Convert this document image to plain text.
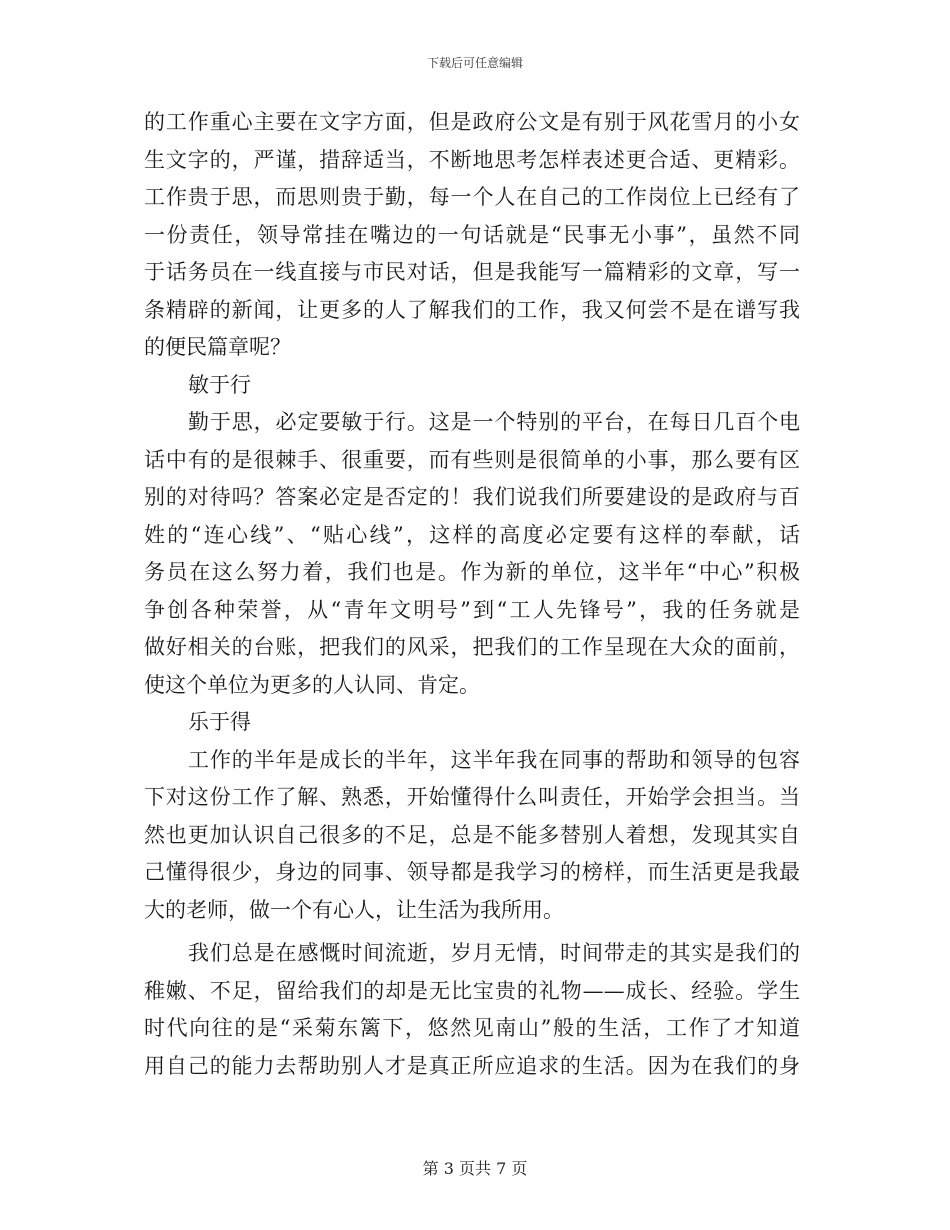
下载后可任意编辑
的工作重心主要在文字方面，但是政府公文是有别于风花雪月的小女
生文字的，严谨，措辞适当，不断地思考怎样表述更合适、更精彩。
工作贵于思，而思则贵于勤，每一个人在自己的工作岗位上已经有了
一份责任，领导常挂在嘴边的一句话就是“民事无小事”，虽然不同
于话务员在一线直接与市民对话，但是我能写一篇精彩的文章，写一
条精辟的新闻，让更多的人了解我们的工作，我又何尝不是在谱写我
的便民篇章呢？
敏于行
勤于思，必定要敏于行。这是一个特别的平台，在每日几百个电
话中有的是很棘手、很重要，而有些则是很简单的小事，那么要有区
别的对待吗？答案必定是否定的！我们说我们所要建设的是政府与百
姓的“连心线”、“贴心线”，这样的高度必定要有这样的奉献，话
务员在这么努力着，我们也是。作为新的单位，这半年“中心”积极
争创各种荣誉，从“青年文明号”到“工人先锋号”，我的任务就是
做好相关的台账，把我们的风采，把我们的工作呈现在大众的面前，
使这个单位为更多的人认同、肯定。
乐于得
工作的半年是成长的半年，这半年我在同事的帮助和领导的包容
下对这份工作了解、熟悉，开始懂得什么叫责任，开始学会担当。当
然也更加认识自己很多的不足，总是不能多替别人着想，发现其实自
己懂得很少，身边的同事、领导都是我学习的榜样，而生活更是我最
大的老师，做一个有心人，让生活为我所用。
我们总是在感慨时间流逝，岁月无情，时间带走的其实是我们的
稚嫩、不足，留给我们的却是无比宝贵的礼物——成长、经验。学生
时代向往的是“采菊东篱下，悠然见南山”般的生活，工作了才知道
用自己的能力去帮助别人才是真正所应追求的生活。因为在我们的身
第 3 页共 7 页
